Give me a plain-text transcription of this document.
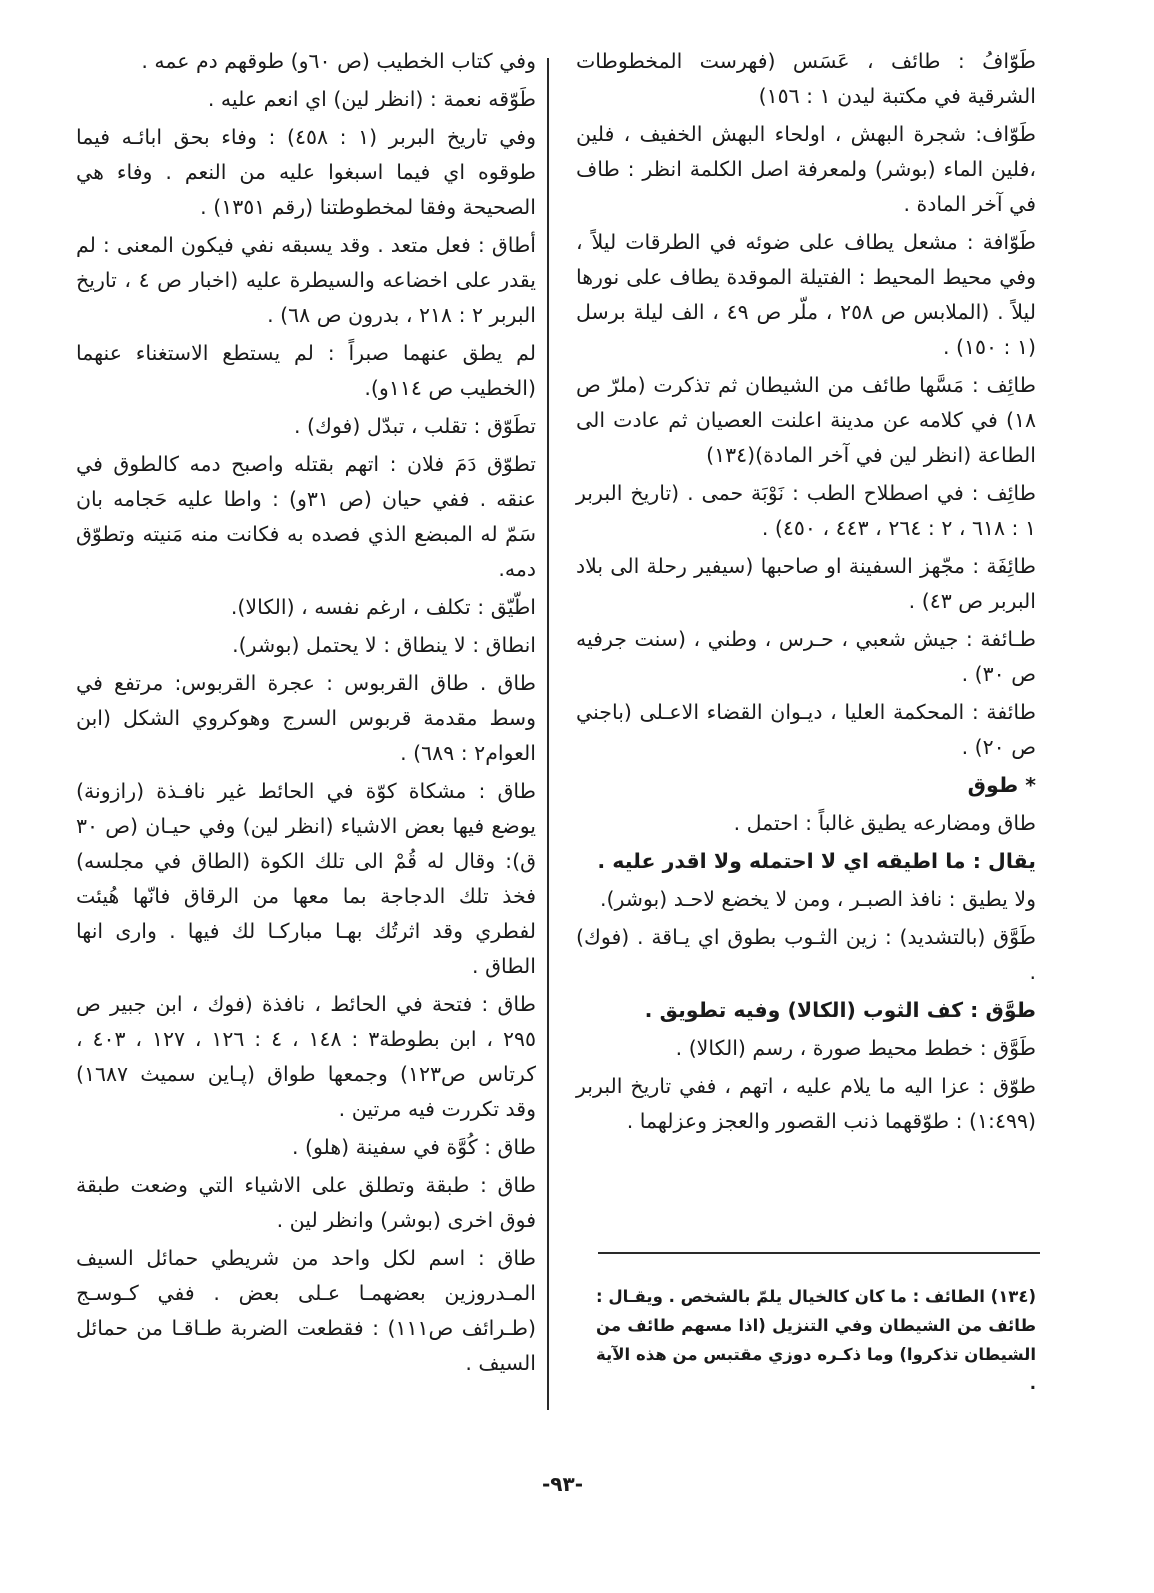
طَوّافُ : طائف ، عَسَس (فهرست المخطوطات الشرقية في مكتبة ليدن ١ : ١٥٦)

طَوّاف: شجرة البهش ، اولحاء البهش الخفيف ، فلين ،فلين الماء (بوشر) ولمعرفة اصل الكلمة انظر : طاف في آخر المادة .

طَوّافة : مشعل يطاف على ضوئه في الطرقات ليلاً ، وفي محيط المحيط : الفتيلة الموقدة يطاف على نورها ليلاً . (الملابس ص ٢٥٨ ، ملّر ص ٤٩ ، الف ليلة برسل (١ : ١٥٠) .

طائِف : مَسَّها طائف من الشيطان ثم تذكرت (ملرّ ص ١٨) في كلامه عن مدينة اعلنت العصيان ثم عادت الى الطاعة (انظر لين في آخر المادة)(١٣٤)

طائِف : في اصطلاح الطب : نَوْبَة حمى . (تاريخ البربر ١ : ٦١٨ ، ٢ : ٢٦٤ ، ٤٤٣ ، ٤٥٠) .

طائِفَة : مجّهز السفينة او صاحبها (سيفير رحلة الى بلاد البربر ص ٤٣) .

طـائفة : جيش شعبي ، حـرس ، وطني ، (سنت جرفيه ص ٣٠) .

طائفة : المحكمة العليا ، ديـوان القضاء الاعـلى (باجني ص ٢٠) .

* طوق

طاق ومضارعه يطيق غالباً : احتمل .

يقال : ما اطيقه اي لا احتمله ولا اقدر عليه .

ولا يطيق : نافذ الصبـر ، ومن لا يخضع لاحـد (بوشر).

طَوَّق (بالتشديد) : زين الثـوب بطوق اي يـاقة . (فوك) .

طوَّق : كف الثوب (الكالا) وفيه تطويق .

طَوَّق : خطط محيط صورة ، رسم (الكالا) .

طوّق : عزا اليه ما يلام عليه ، اتهم ، ففي تاريخ البربر (١:٤٩٩) : طوّقهما ذنب القصور والعجز وعزلهما .

وفي كتاب الخطيب (ص ٦٠و) طوقهم دم عمه .

طَوّقه نعمة : (انظر لين) اي انعم عليه .

وفي تاريخ البربر (١ : ٤٥٨) : وفاء بحق ابائـه فيما طوقوه اي فيما اسبغوا عليه من النعم . وفاء هي الصحيحة وفقا لمخطوطتنا (رقم ١٣٥١) .

أطاق : فعل متعد . وقد يسبقه نفي فيكون المعنى : لم يقدر على اخضاعه والسيطرة عليه (اخبار ص ٤ ، تاريخ البربر ٢ : ٢١٨ ، بدرون ص ٦٨) .

لم يطق عنهما صبراً : لم يستطع الاستغناء عنهما (الخطيب ص ١١٤و).

تطَوّق : تقلب ، تبدّل (فوك) .

تطوّق دَمَ فلان : اتهم بقتله واصبح دمه كالطوق في عنقه . ففي حيان (ص ٣١و) : واطا عليه حَجامه بان سَمّ له المبضع الذي فصده به فكانت منه مَنيته وتطوّق دمه.

اطّيّق : تكلف ، ارغم نفسه ، (الكالا).

انطاق : لا ينطاق : لا يحتمل (بوشر).

طاق . طاق القربوس : عجرة القربوس: مرتفع في وسط مقدمة قربوس السرج وهوكروي الشكل (ابن العوام٢ : ٦٨٩) .

طاق : مشكاة كوّة في الحائط غير نافـذة (رازونة) يوضع فيها بعض الاشياء (انظر لين) وفي حيـان (ص ٣٠ ق): وقال له قُمْ الى تلك الكوة (الطاق في مجلسه) فخذ تلك الدجاجة بما معها من الرقاق فانّها هُيئت لفطري وقد اثرتُك بهـا مباركـا لك فيها . وارى انها الطاق .

طاق : فتحة في الحائط ، نافذة (فوك ، ابن جبير ص ٢٩٥ ، ابن بطوطة٣ : ١٤٨ ، ٤ : ١٢٦ ، ١٢٧ ، ٤٠٣ ، كرتاس ص١٢٣) وجمعها طواق (پـاين سميث ١٦٨٧) وقد تكررت فيه مرتين .

طاق : كُوَّة في سفينة (هلو) .

طاق : طبقة وتطلق على الاشياء التي وضعت طبقة فوق اخرى (بوشر) وانظر لين .

طاق : اسم لكل واحد من شريطي حمائل السيف المـدروزين بعضهمـا عـلى بعض . ففي كـوسـج (طـرائف ص١١١) : فقطعت الضربة طـاقـا من حمائل السيف .

(١٣٤) الطائف : ما كان كالخيال يلمّ بالشخص . ويقـال : طائف من الشيطان وفي التنزيل (اذا مسهم طائف من الشيطان تذكروا) وما ذكـره دوزي مقتبس من هذه الآية .

-٩٣-
